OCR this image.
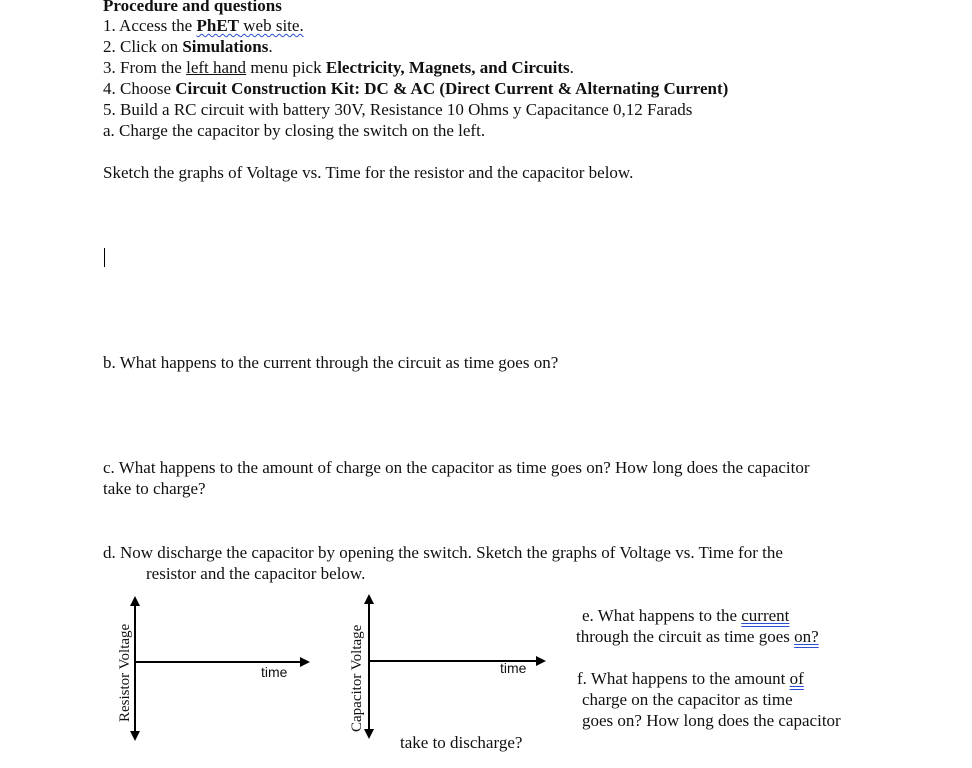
Procedure and questions
1. Access the PhET web site.
2. Click on Simulations.
3. From the left hand menu pick Electricity, Magnets, and Circuits.
4. Choose Circuit Construction Kit: DC & AC (Direct Current & Alternating Current)
5. Build a RC circuit with battery 30V, Resistance 10 Ohms y Capacitance 0,12 Farads
a. Charge the capacitor by closing the switch on the left.
Sketch the graphs of Voltage vs. Time for the resistor and the capacitor below.
b. What happens to the current through the circuit as time goes on?
c. What happens to the amount of charge on the capacitor as time goes on? How long does the capacitor
take to charge?
d. Now discharge the capacitor by opening the switch. Sketch the graphs of Voltage vs. Time for the
resistor and the capacitor below.
Resistor Voltage	time	Capacitor Voltage	time
e. What happens to the current
through the circuit as time goes on?
f. What happens to the amount of
charge on the capacitor as time
goes on? How long does the capacitor
take to discharge?
